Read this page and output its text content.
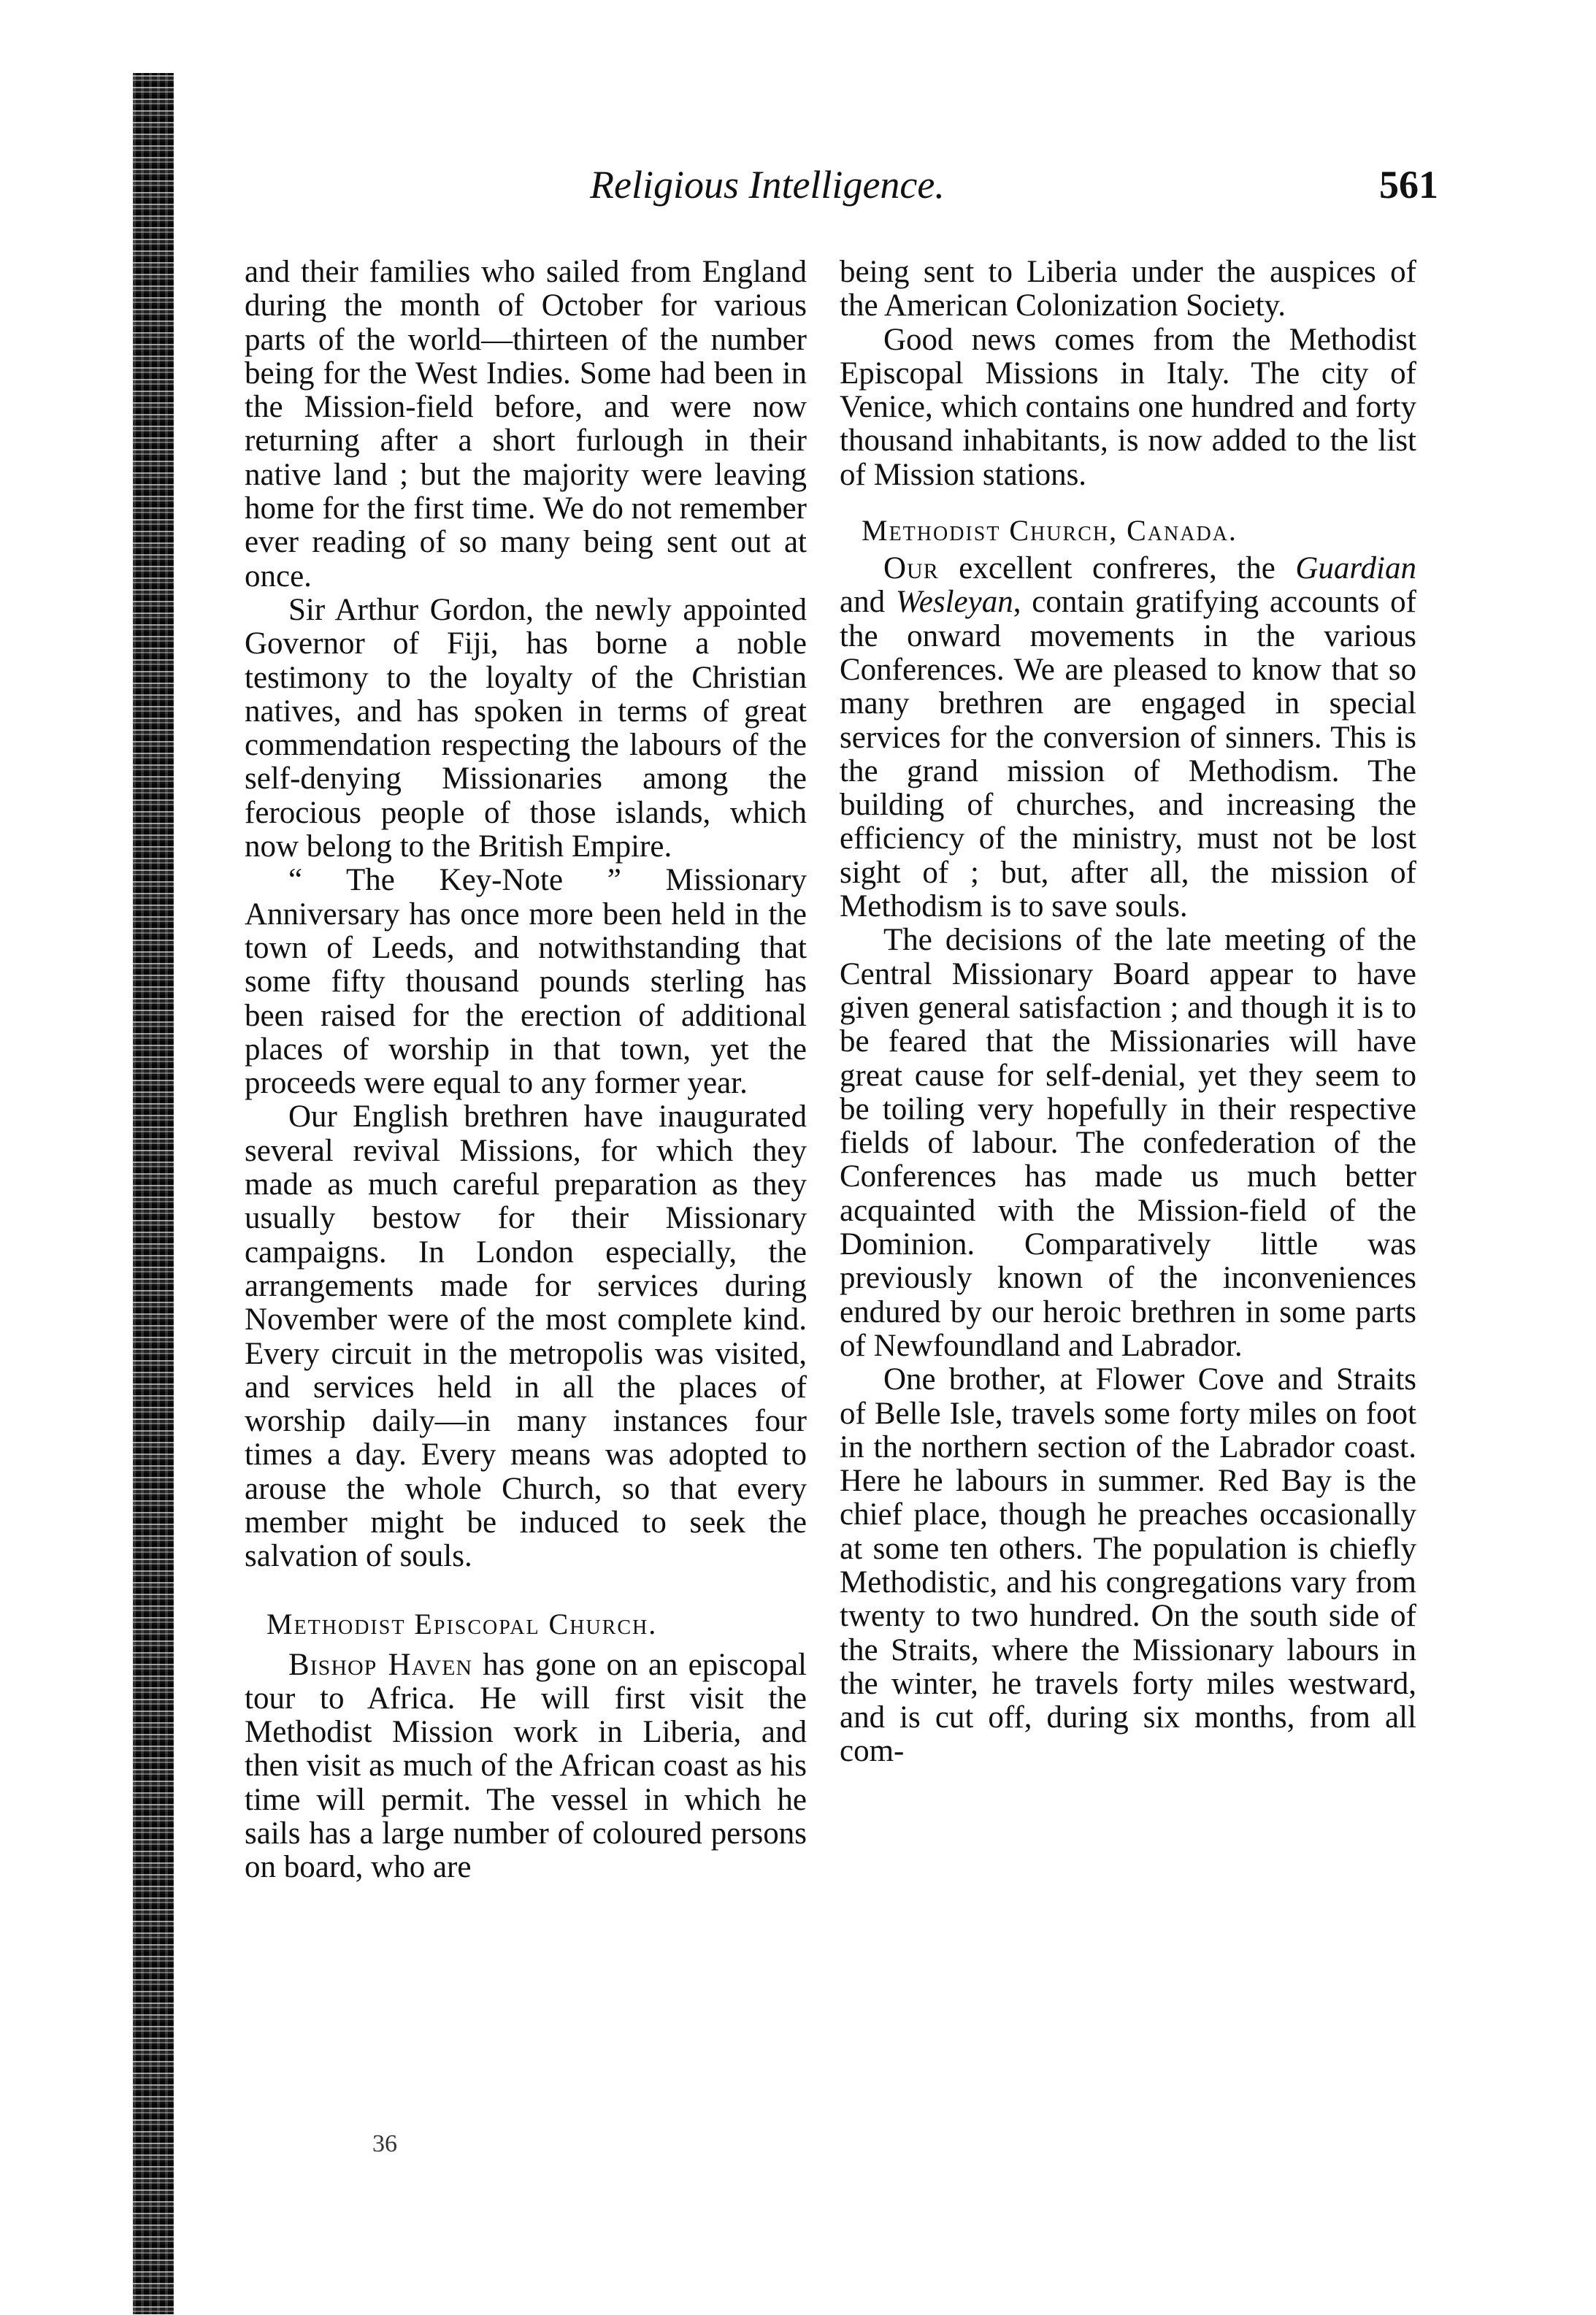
Religious Intelligence.	561

and their families who sailed from England during the month of October for various parts of the world—thirteen of the number being for the West Indies. Some had been in the Mission-field before, and were now returning after a short furlough in their native land ; but the majority were leaving home for the first time. We do not remember ever reading of so many being sent out at once.

Sir Arthur Gordon, the newly appointed Governor of Fiji, has borne a noble testimony to the loyalty of the Christian natives, and has spoken in terms of great commendation respecting the labours of the self-denying Missionaries among the ferocious people of those islands, which now belong to the British Empire.

“ The Key-Note ” Missionary Anniversary has once more been held in the town of Leeds, and notwithstanding that some fifty thousand pounds sterling has been raised for the erection of additional places of worship in that town, yet the proceeds were equal to any former year.

Our English brethren have inaugurated several revival Missions, for which they made as much careful preparation as they usually bestow for their Missionary campaigns. In London especially, the arrangements made for services during November were of the most complete kind. Every circuit in the metropolis was visited, and services held in all the places of worship daily—in many instances four times a day. Every means was adopted to arouse the whole Church, so that every member might be induced to seek the salvation of souls.

Methodist Episcopal Church.

Bishop Haven has gone on an episcopal tour to Africa. He will first visit the Methodist Mission work in Liberia, and then visit as much of the African coast as his time will permit. The vessel in which he sails has a large number of coloured persons on board, who are

36

being sent to Liberia under the auspices of the American Colonization Society.

Good news comes from the Methodist Episcopal Missions in Italy. The city of Venice, which contains one hundred and forty thousand inhabitants, is now added to the list of Mission stations.

Methodist Church, Canada.

Our excellent confreres, the Guardian and Wesleyan, contain gratifying accounts of the onward movements in the various Conferences. We are pleased to know that so many brethren are engaged in special services for the conversion of sinners. This is the grand mission of Methodism. The building of churches, and increasing the efficiency of the ministry, must not be lost sight of ; but, after all, the mission of Methodism is to save souls.

The decisions of the late meeting of the Central Missionary Board appear to have given general satisfaction ; and though it is to be feared that the Missionaries will have great cause for self-denial, yet they seem to be toiling very hopefully in their respective fields of labour. The confederation of the Conferences has made us much better acquainted with the Mission-field of the Dominion. Comparatively little was previously known of the inconveniences endured by our heroic brethren in some parts of Newfoundland and Labrador.

One brother, at Flower Cove and Straits of Belle Isle, travels some forty miles on foot in the northern section of the Labrador coast. Here he labours in summer. Red Bay is the chief place, though he preaches occasionally at some ten others. The population is chiefly Methodistic, and his congregations vary from twenty to two hundred. On the south side of the Straits, where the Missionary labours in the winter, he travels forty miles westward, and is cut off, during six months, from all com-
